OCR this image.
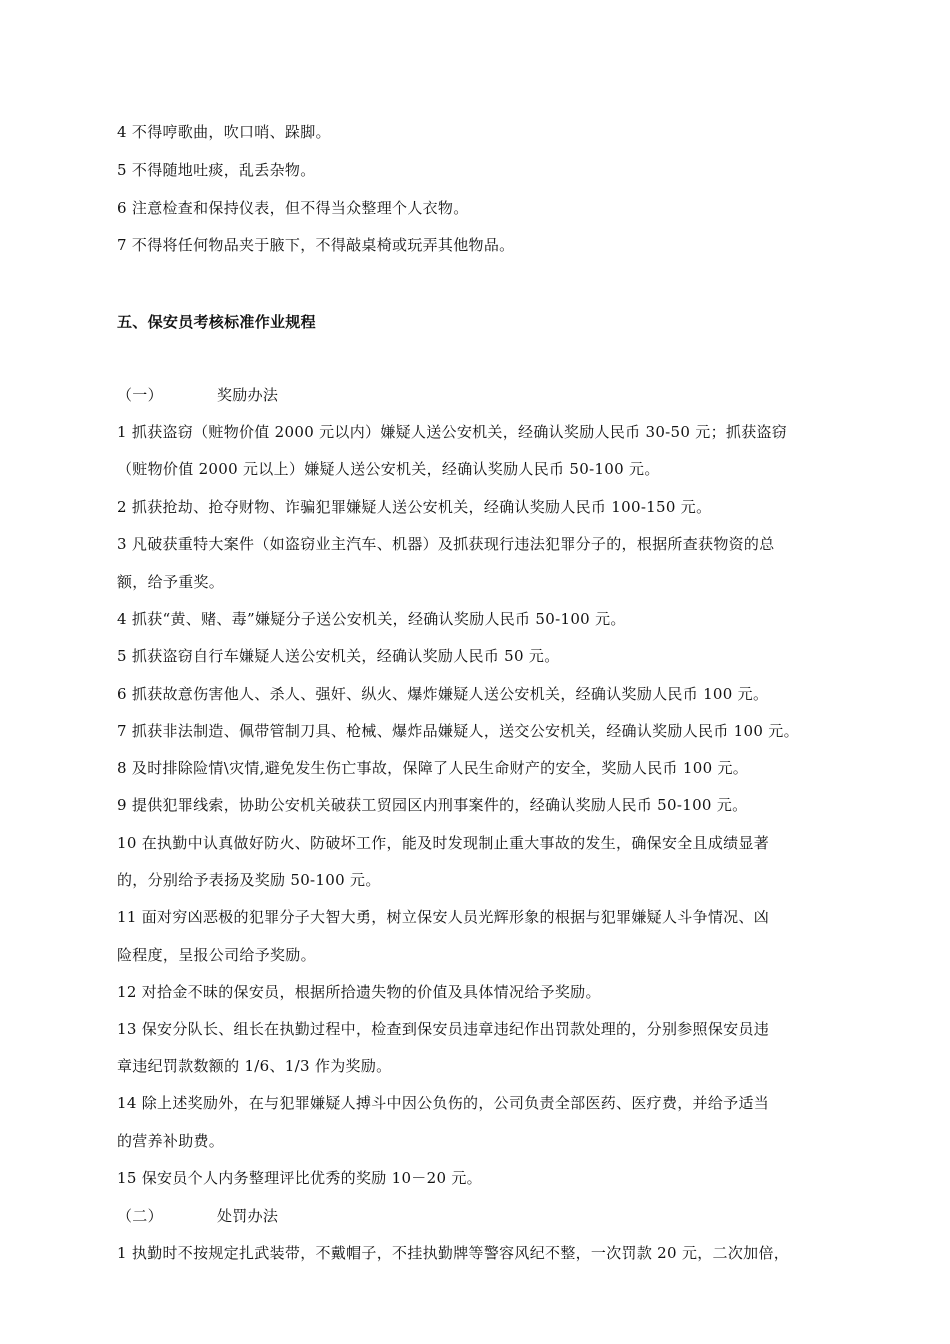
4 不得哼歌曲，吹口哨、跺脚。
5 不得随地吐痰，乱丢杂物。
6 注意检查和保持仪表，但不得当众整理个人衣物。
7 不得将任何物品夹于腋下，不得敲桌椅或玩弄其他物品。
五、保安员考核标准作业规程
（一）	奖励办法
1 抓获盗窃（赃物价值 2000 元以内）嫌疑人送公安机关，经确认奖励人民币 30-50 元；抓获盗窃
（赃物价值 2000 元以上）嫌疑人送公安机关，经确认奖励人民币 50-100 元。
2 抓获抢劫、抢夺财物、诈骗犯罪嫌疑人送公安机关，经确认奖励人民币 100-150 元。
3 凡破获重特大案件（如盗窃业主汽车、机器）及抓获现行违法犯罪分子的，根据所查获物资的总
额，给予重奖。
4 抓获“黄、赌、毒”嫌疑分子送公安机关，经确认奖励人民币 50-100 元。
5 抓获盗窃自行车嫌疑人送公安机关，经确认奖励人民币 50 元。
6 抓获故意伤害他人、杀人、强奸、纵火、爆炸嫌疑人送公安机关，经确认奖励人民币 100 元。
7 抓获非法制造、佩带管制刀具、枪械、爆炸品嫌疑人，送交公安机关，经确认奖励人民币 100 元。
8 及时排除险情\灾情,避免发生伤亡事故，保障了人民生命财产的安全，奖励人民币 100 元。
9 提供犯罪线索，协助公安机关破获工贸园区内刑事案件的，经确认奖励人民币 50-100 元。
10 在执勤中认真做好防火、防破坏工作，能及时发现制止重大事故的发生，确保安全且成绩显著
的，分别给予表扬及奖励 50-100 元。
11 面对穷凶恶极的犯罪分子大智大勇，树立保安人员光辉形象的根据与犯罪嫌疑人斗争情况、凶
险程度，呈报公司给予奖励。
12 对拾金不昧的保安员，根据所拾遗失物的价值及具体情况给予奖励。
13 保安分队长、组长在执勤过程中，检查到保安员违章违纪作出罚款处理的，分别参照保安员违
章违纪罚款数额的 1/6、1/3 作为奖励。
14 除上述奖励外，在与犯罪嫌疑人搏斗中因公负伤的，公司负责全部医药、医疗费，并给予适当
的营养补助费。
15 保安员个人内务整理评比优秀的奖励 10－20 元。
（二）	处罚办法
1 执勤时不按规定扎武装带，不戴帽子，不挂执勤牌等警容风纪不整，一次罚款 20 元，二次加倍，
